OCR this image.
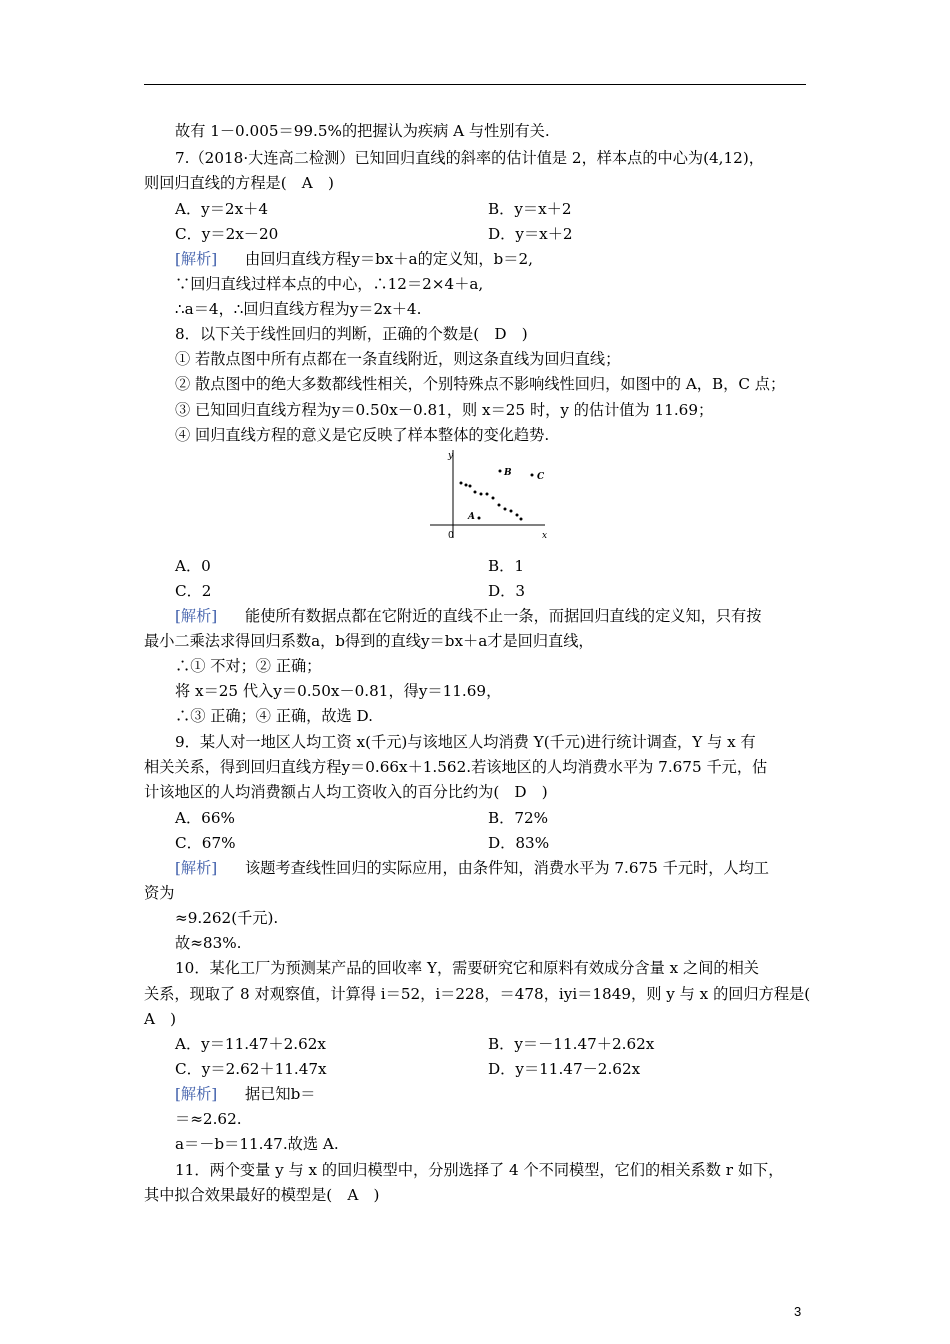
故有 1－0.005＝99.5%的把握认为疾病 A 与性别有关.
7.（2018·大连高二检测）已知回归直线的斜率的估计值是 2，样本点的中心为(4,12)，
则回归直线的方程是(　A　)
A．y＝2x＋4	B．y＝x＋2
C．y＝2x－20	D．y＝x＋2
[解析] 由回归直线方程y＝bx＋a的定义知，b＝2,
∵回归直线过样本点的中心，∴12＝2×4＋a,
∴a＝4，∴回归直线方程为y＝2x＋4.
8．以下关于线性回归的判断，正确的个数是(　D　)
① 若散点图中所有点都在一条直线附近，则这条直线为回归直线；
② 散点图中的绝大多数都线性相关，个别特殊点不影响线性回归，如图中的 A，B，C 点；
③ 已知回归直线方程为y＝0.50x－0.81，则 x＝25 时，y 的估计值为 11.69；
④ 回归直线方程的意义是它反映了样本整体的变化趋势.
y
x
0
A
B	C
A．0	B．1
C．2	D．3
[解析] 能使所有数据点都在它附近的直线不止一条，而据回归直线的定义知，只有按
最小二乘法求得回归系数a，b得到的直线y＝bx＋a才是回归直线，
∴① 不对；② 正确；
将 x＝25 代入y＝0.50x－0.81，得y＝11.69，
∴③ 正确；④ 正确，故选 D.
9．某人对一地区人均工资 x(千元)与该地区人均消费 Y(千元)进行统计调查，Y 与 x 有
相关关系，得到回归直线方程y＝0.66x＋1.562.若该地区的人均消费水平为 7.675 千元，估
计该地区的人均消费额占人均工资收入的百分比约为(　D　)
A．66%	B．72%
C．67%	D．83%
[解析] 该题考查线性回归的实际应用，由条件知，消费水平为 7.675 千元时，人均工
资为
≈9.262(千元).
故≈83%.
10．某化工厂为预测某产品的回收率 Y，需要研究它和原料有效成分含量 x 之间的相关
关系，现取了 8 对观察值，计算得 i＝52，i＝228，＝478，iyi＝1849，则 y 与 x 的回归方程是(
A　)
A．y＝11.47＋2.62x	B．y＝－11.47＋2.62x
C．y＝2.62＋11.47x	D．y＝11.47－2.62x
[解析] 据已知b＝
＝≈2.62.
a＝－b＝11.47.故选 A.
11．两个变量 y 与 x 的回归模型中，分别选择了 4 个不同模型，它们的相关系数 r 如下，
其中拟合效果最好的模型是(　A　)
3
